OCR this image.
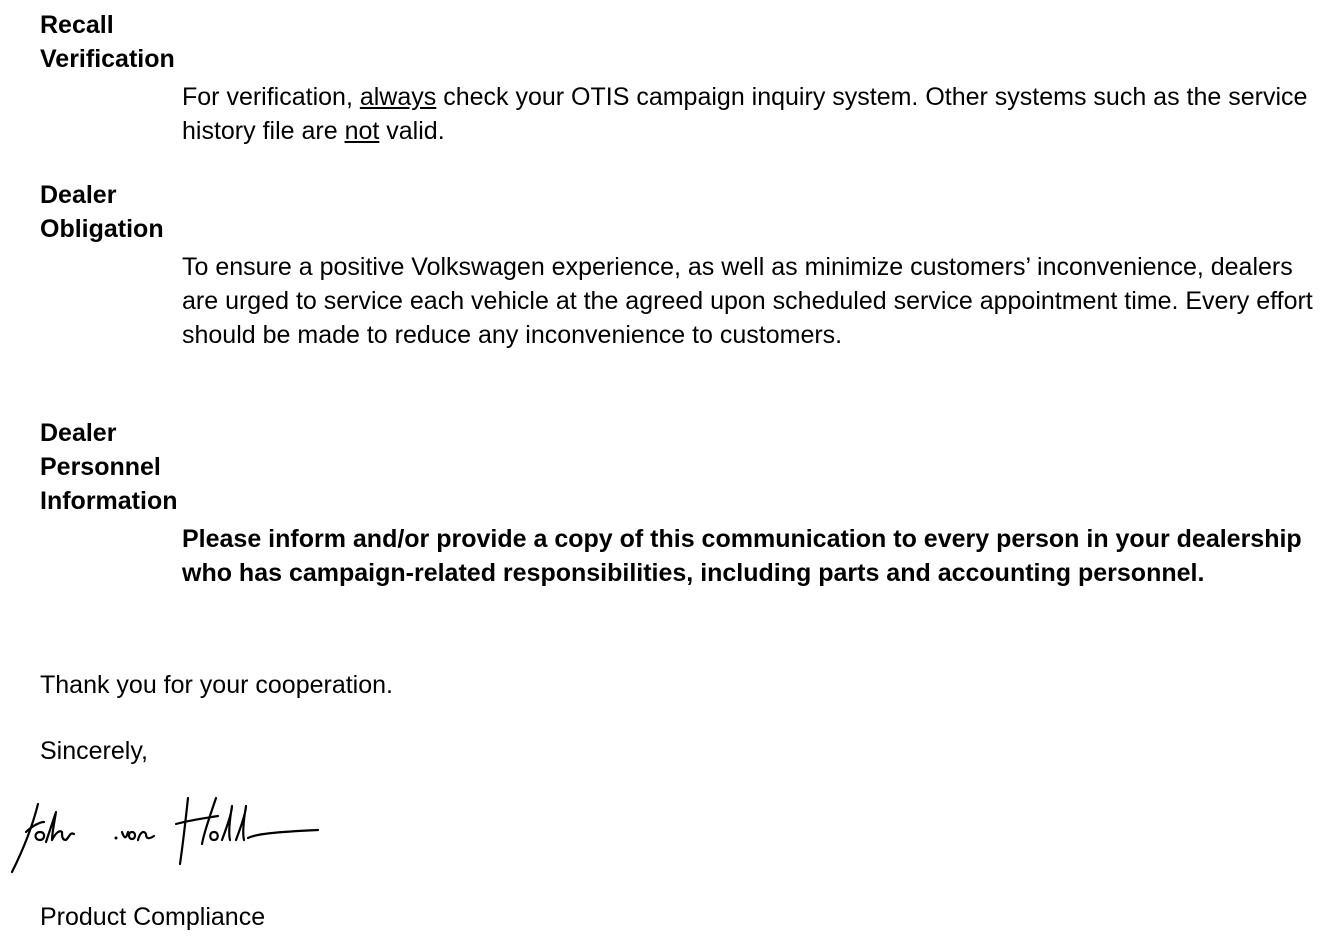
Recall
Verification

For verification, always check your OTIS campaign inquiry system. Other systems such as the service history file are not valid.

Dealer
Obligation

To ensure a positive Volkswagen experience, as well as minimize customers’ inconvenience, dealers are urged to service each vehicle at the agreed upon scheduled service appointment time. Every effort should be made to reduce any inconvenience to customers.

Dealer
Personnel
Information

Please inform and/or provide a copy of this communication to every person in your dealership who has campaign-related responsibilities, including parts and accounting personnel.

Thank you for your cooperation.

Sincerely,

Product Compliance
